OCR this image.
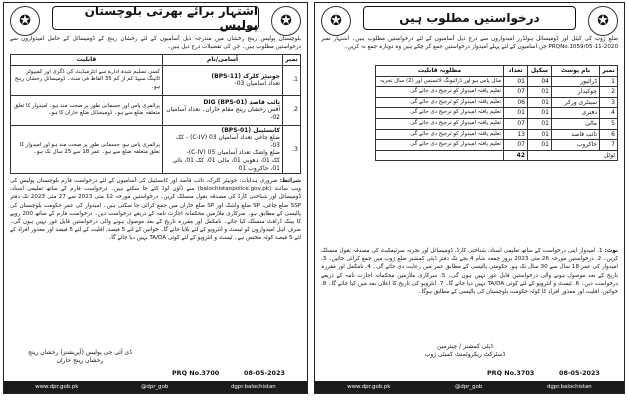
✪	✪
اشتہار برائے بھرتی بلوچستان پولیس
بلوچستان پولیس رینج رخشان میں مندرجہ ذیل آسامیوں کے لئے رخشان رینج کے ڈومیسائل کے حامل امیدواروں سے درخواستیں مطلوب ہیں۔ جن کی تفصیلات درج ذیل ہیں۔
نمبر	آسامی/نام	قابلیت
1.	جونیئر کلرک (BPS-11)
تعداد آسامیاں 03-	کسی تسلیم شدہ ادارے سے انٹرمیڈیٹ کی ڈگری اور کمپیوٹر ٹائپنگ سپیڈ کم از کم 35 الفاظ فی منٹ۔ ڈومیسائل رخشان رینج ہو۔
2.	نائب قاصد (BPS-01) DIG
آفس رخشان رینج مقام خاران۔ تعداد آسامیاں 02-	پرائمری پاس اور جسمانی طور پر صحت مند ہو۔ امیدوار کا تعلق متعلقہ ضلع سے ہو۔ ڈومیسائل ضلع خاران کا ہو۔
3.	کانسٹیبل (BPS-01)
ضلع چاغی تعداد آسامیاں 03 (C-IV) - کک 03-
ضلع واشک تعداد آسامیاں 05 (C-IV)-
کک 01، دھوبی 01، مالی 01، کک 01، نائی 01، خاکروب 01	پرائمری پاس ہو، جسمانی طور پر صحت مند ہو اور امیدوار کا تعلق متعلقہ ضلع سے ہو۔ عمر 18 سے 25 سال تک ہو۔
شرائط: ضروری ہدایات: جونیئر کلرک، نائب قاصد اور کانسٹیبل کی آسامیوں کے لئے درخواست فارم بلوچستان پولیس کی ویب سائٹ (balochistanpolice.gov.pk) سے ڈاؤن لوڈ کئے جا سکتے ہیں۔ درخواست فارم کے ساتھ تعلیمی اسناد، ڈومیسائل اور شناختی کارڈ کی مصدقہ نقول منسلک کریں۔ درخواستیں مورخہ 12 مئی 2023 سے 27 مئی 2023 تک دفتر SSP ضلع چاغی، SP ضلع واشک اور SP ضلع خاران میں جمع کرائی جا سکتی ہیں۔ امیدوار کی عمر حکومت بلوچستان کی پالیسی کے مطابق ہو۔ سرکاری ملازمین محکمانہ اجازت نامہ کے ذریعے درخواست دیں۔ درخواست فارم کے ساتھ 200 روپے کا بینک ڈرافٹ منسلک کیا جائے۔ نامکمل اور مقررہ تاریخ کے بعد موصول ہونے والی درخواستیں قابل غور نہیں ہوں گی۔ صرف اہل امیدواروں کو ٹیسٹ و انٹرویو کے لئے بلایا جائے گا۔ خواتین کے لئے 5 فیصد، اقلیت کے لئے 5 فیصد اور معذور افراد کے لئے 5 فیصد کوٹہ مختص ہے۔ ٹیسٹ و انٹرویو کے لئے کوئی TA/DA نہیں دیا جائے گا۔
ڈی آئی جی پولیس (آپریشنز) رخشان رینج
رخشان رینج خاران
PRQ No.3700	08-05-2023
www.dpr.gob.pk	@dpr_gob	dgpr.balochistan
✪	✪
درخواستیں مطلوب ہیں
ضلع ژوب کی کیٹل اور ڈومیسائل ہولڈرز امیدواروں سے درج ذیل آسامیوں کے لئے درخواستیں مطلوب ہیں۔ اشتہار نمبر PRQNo.1059/05-11-2020 جن اسامیوں کے لئے پہلے امیدوار درخواستیں جمع کر چکے ہیں وہ دوبارہ جمع نہ کریں۔
نمبر	نام پوسٹ	سکیل	تعداد	مطلوبہ قابلیت
1	ڈرائیور	04	01	مڈل پاس ہو اور ڈرائیونگ لائسنس اور (2) سال تجربہ
2	چوکیدار	01	07	تعلیم یافتہ امیدوار کو ترجیح دی جائے گی
3	سینٹری ورکر	01	06	تعلیم یافتہ امیدوار کو ترجیح دی جائے گی
4	دفتری	01	01	تعلیم یافتہ امیدوار کو ترجیح دی جائے گی
5	مالی	01	07	تعلیم یافتہ امیدوار کو ترجیح دی جائے گی
6	نائب قاصد	01	13	تعلیم یافتہ امیدوار کو ترجیح دی جائے گی
7	خاکروب	01	07	تعلیم یافتہ امیدوار کو ترجیح دی جائے گی
ٹوٹل			42	
نوٹ: 1. امیدوار اپنی درخواست کے ساتھ تعلیمی اسناد، شناختی کارڈ، ڈومیسائل اور تجربہ سرٹیفکیٹ کی مصدقہ نقول منسلک کریں۔ 2. درخواستیں مورخہ 26 مئی 2023 بروز جمعہ شام 4 بجے تک دفتر ڈپٹی کمشنر ضلع ژوب میں جمع کرائی جائیں۔ 3. امیدوار کی عمر 18 سال سے 30 سال تک ہو، حکومتی پالیسی کے مطابق عمر میں رعایت دی جائے گی۔ 4. نامکمل اور مقررہ تاریخ کے بعد موصول ہونے والی درخواستیں قابل غور نہیں ہوں گی۔ 5. سرکاری ملازمین محکمانہ اجازت نامہ کے ذریعے درخواست دیں۔ 6. ٹیسٹ و انٹرویو کے لئے کوئی TA/DA نہیں دیا جائے گا۔ 7. انٹرویو کی تاریخ کا اعلان بعد میں کیا جائے گا۔ 8. خواتین، اقلیت اور معذور افراد کا کوٹہ حکومت بلوچستان کی پالیسی کے مطابق ہوگا۔
ڈپٹی کمشنر / چیئرمین
ڈسٹرکٹ ریکروٹمنٹ کمیٹی ژوب
PRQ No.3703	08-05-2023
www.dpr.gob.pk	@dpr_gob	dgpr.balochistan
